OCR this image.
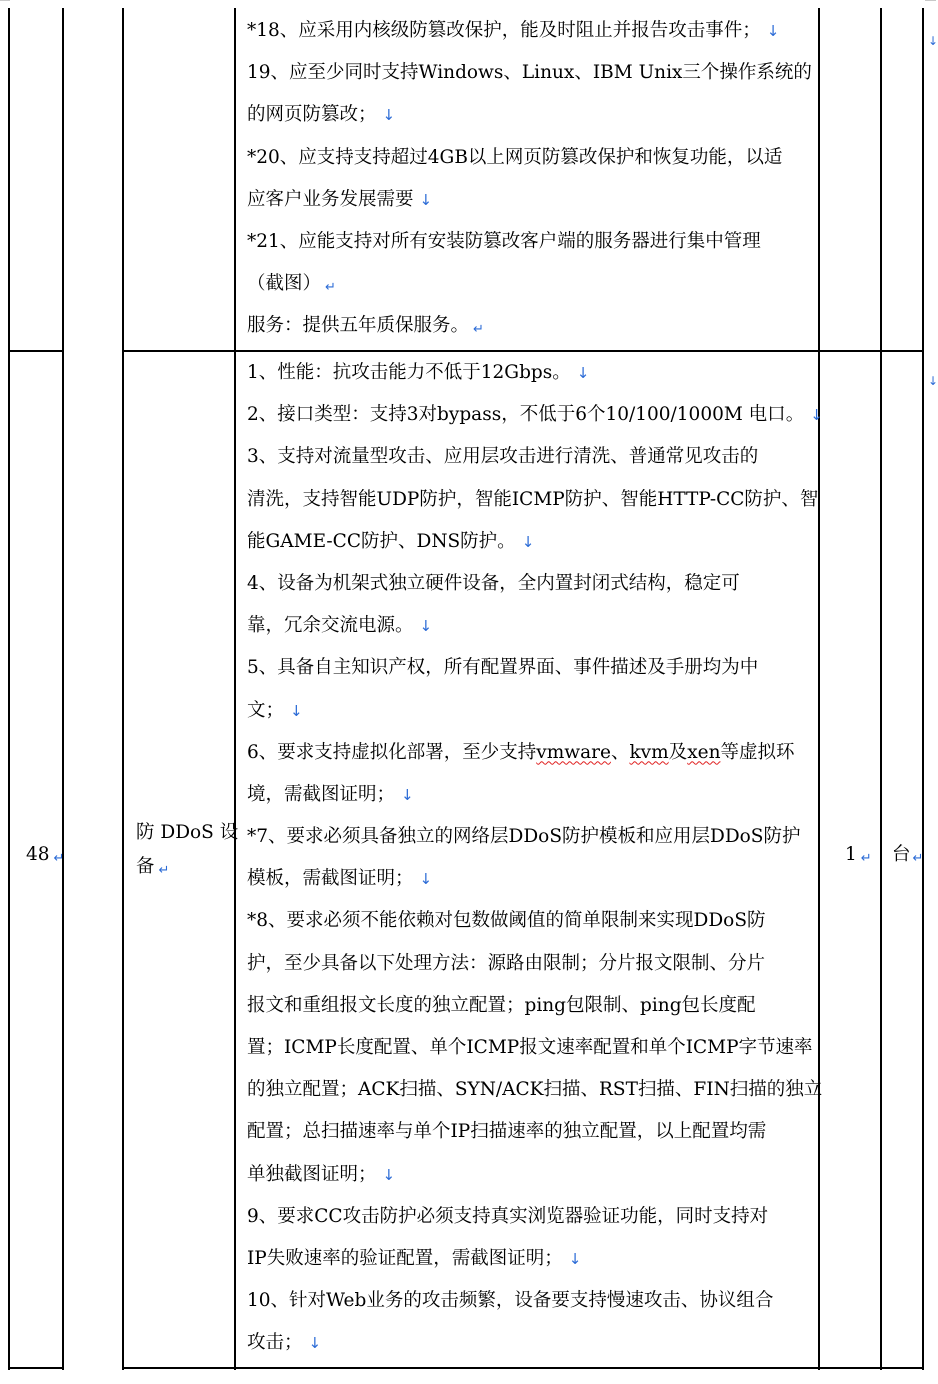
↓
↓
*18、应采用内核级防篡改保护，能及时阻止并报告攻击事件； ↓
19、应至少同时支持Windows、Linux、IBM Unix三个操作系统的
的网页防篡改； ↓
*20、应支持支持超过4GB以上网页防篡改保护和恢复功能，以适
应客户业务发展需要 ↓
*21、应能支持对所有安装防篡改客户端的服务器进行集中管理
（截图） ↵
服务：提供五年质保服务。 ↵
48 ↵
防 DDoS 设
备 ↵
1、性能：抗攻击能力不低于12Gbps。 ↓
2、接口类型：支持3对bypass，不低于6个10/100/1000M 电口。 ↓
3、支持对流量型攻击、应用层攻击进行清洗、普通常见攻击的
清洗，支持智能UDP防护，智能ICMP防护、智能HTTP-CC防护、智
能GAME-CC防护、DNS防护。 ↓
4、设备为机架式独立硬件设备，全内置封闭式结构，稳定可
靠，冗余交流电源。 ↓
5、具备自主知识产权，所有配置界面、事件描述及手册均为中
文； ↓
6、要求支持虚拟化部署，至少支持vmware、kvm及xen等虚拟环
境，需截图证明； ↓
*7、要求必须具备独立的网络层DDoS防护模板和应用层DDoS防护
模板，需截图证明； ↓
*8、要求必须不能依赖对包数做阈值的简单限制来实现DDoS防
护，至少具备以下处理方法：源路由限制；分片报文限制、分片
报文和重组报文长度的独立配置；ping包限制、ping包长度配
置；ICMP长度配置、单个ICMP报文速率配置和单个ICMP字节速率
的独立配置；ACK扫描、SYN/ACK扫描、RST扫描、FIN扫描的独立
配置；总扫描速率与单个IP扫描速率的独立配置，以上配置均需
单独截图证明； ↓
9、要求CC攻击防护必须支持真实浏览器验证功能，同时支持对
IP失败速率的验证配置，需截图证明； ↓
10、针对Web业务的攻击频繁，设备要支持慢速攻击、协议组合
攻击； ↓
1 ↵ 台 ↵
